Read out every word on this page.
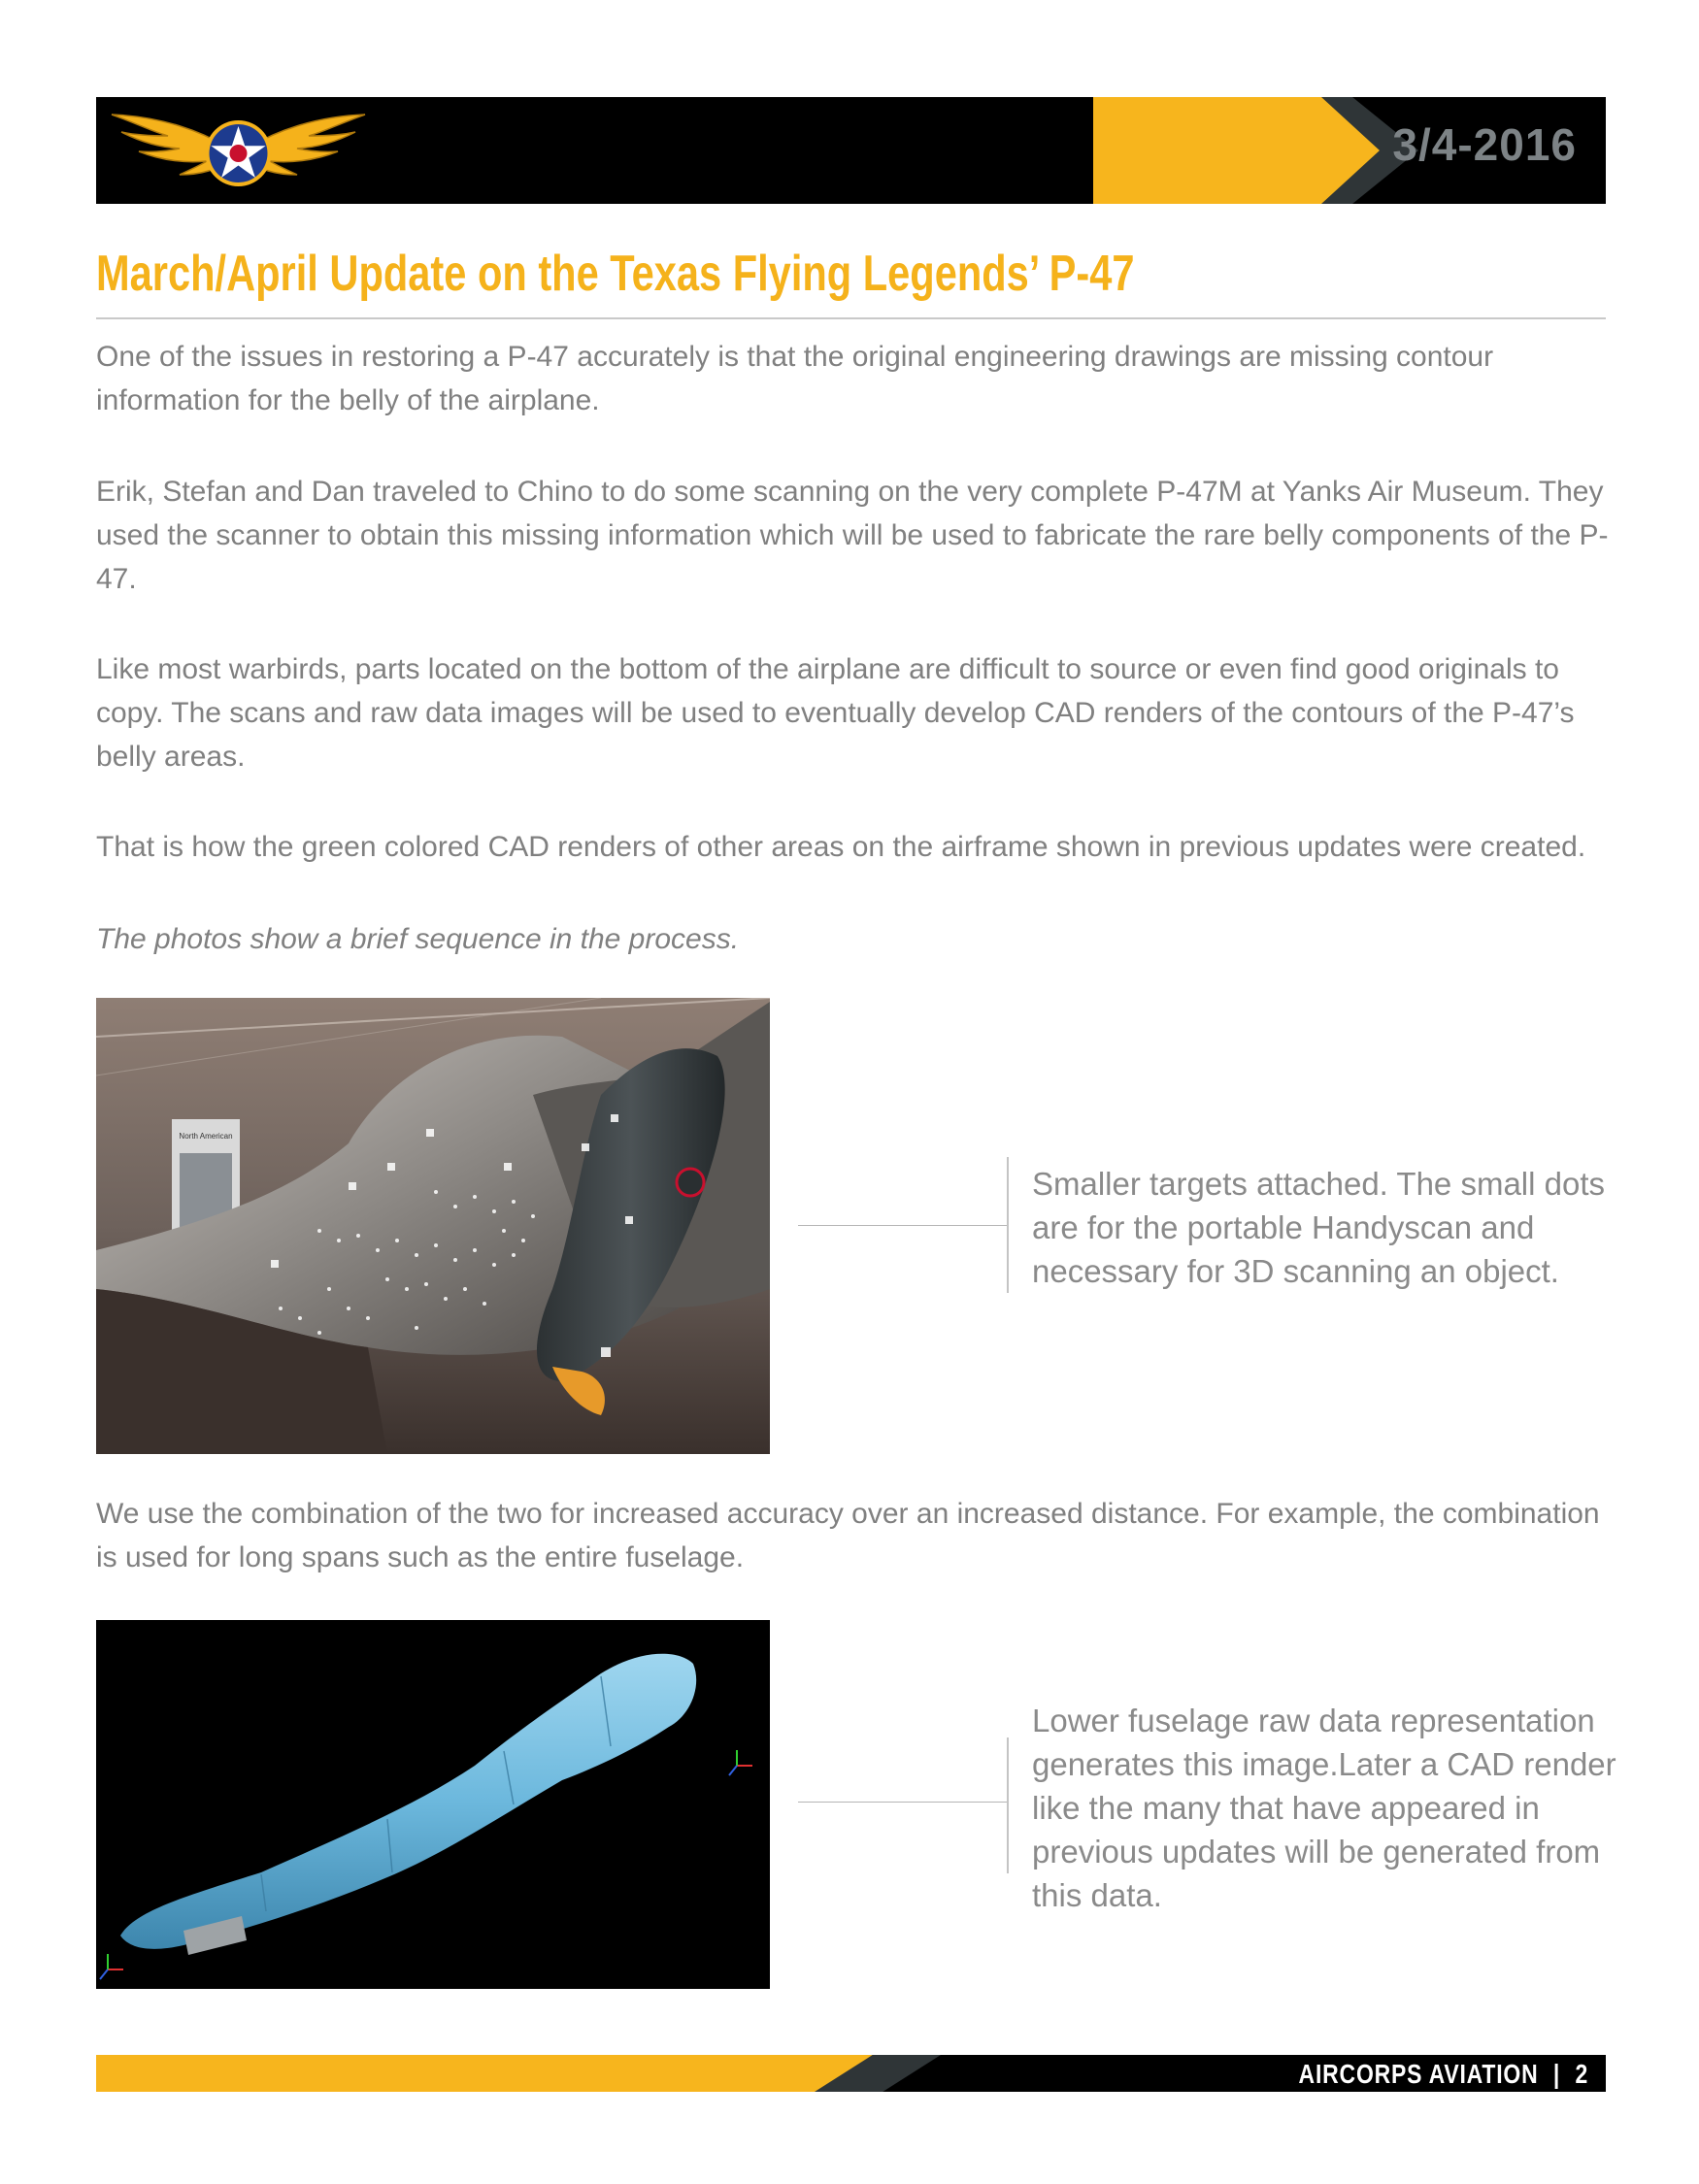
3/4-2016
March/April Update on the Texas Flying Legends’ P-47

One of the issues in restoring a P-47 accurately is that the original engineering drawings are missing contour information for the belly of the airplane.

Erik, Stefan and Dan traveled to Chino to do some scanning on the very complete P-47M at Yanks Air Museum. They used the scanner to obtain this missing information which will be used to fabricate the rare belly components of the P-47.

Like most warbirds, parts located on the bottom of the airplane are difficult to source or even find good originals to copy. The scans and raw data images will be used to eventually develop CAD renders of the contours of the P-47’s belly areas.

That is how the green colored CAD renders of other areas on the airframe shown in previous updates were created.

The photos show a brief sequence in the process.

North American

Smaller targets attached. The small dots are for the portable Handyscan and necessary for 3D scanning an object.

We use the combination of the two for increased accuracy over an increased distance. For example, the combination is used for long spans such as the entire fuselage.

Lower fuselage raw data representation generates this image.Later a CAD render like the many that have appeared in previous updates will be generated from this data.

AIRCORPS AVIATION | 2
